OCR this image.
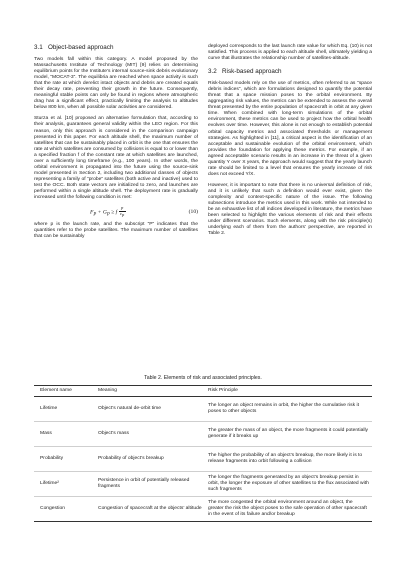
3.1 Object-based approach

Two models fall within this category. A model proposed by the Massachusetts Institute of Technology (MIT) [9] relies on determining equilibrium points for the Institute’s internal source-sink debris evolutionary model, “MOCAT-3”. The equilibria are reached when space activity is such that the rate at which derelict intact objects and debris are created equals their decay rate, preventing their growth in the future. Consequently, meaningful stable points can only be found in regions where atmospheric drag has a significant effect, practically limiting the analysis to altitudes below 800 km, when all possible solar activities are considered.

Sturza et al. [10] proposed an alternative formulation that, according to their analysis, guarantees general validity within the LEO region. For this reason, only this approach is considered in the comparison campaign presented in this paper. For each altitude shell, the maximum number of satellites that can be sustainably placed in orbit is the one that ensures the rate at which satellites are consumed by collisions is equal to or lower than a specified fraction f of the constant rate at which satellites are launched, over a sufficiently long timeframe (e.g., 100 years). In other words, the orbital environment is propagated into the future using the source-sink model presented in Section 2, including two additional classes of objects representing a family of “probe” satellites (both active and inactive) used to test the OCC. Both state vectors are initialized to zero, and launches are performed within a single altitude shell. The deployment rate is gradually increased until the following condition is met:

$F_P + G_P \ge f \frac{p}{\varepsilon_P}$	(10)

where p is the launch rate, and the subscript “P” indicates that the quantities refer to the probe satellites. The maximum number of satellites that can be sustainably

deployed corresponds to the last launch rate value for which Eq. (10) is not satisfied. This process is applied to each altitude shell, ultimately yielding a curve that illustrates the relationship number of satellites-altitude.

3.2 Risk-based approach

Risk-based models rely on the use of metrics, often referred to as “space debris indices”, which are formulations designed to quantify the potential threat that a space mission poses to the orbital environment. By aggregating risk values, the metrics can be extended to assess the overall threat presented by the entire population of spacecraft in orbit at any given time. When combined with long-term simulations of the orbital environment, these metrics can be used to project how the orbital health evolves over time. However, this alone is not enough to establish potential orbital capacity metrics and associated thresholds or management strategies. As highlighted in [11], a critical aspect is the identification of an acceptable and sustainable evolution of the orbital environment, which provides the foundation for applying these metrics. For example, if an agreed acceptable scenario results in an increase in the threat of a given quantity Y over X years, the approach would suggest that the yearly launch rate should be limited to a level that ensures the yearly increase of risk does not exceed Y/X.

However, it is important to note that there is no universal definition of risk, and it is unlikely that such a definition would ever exist, given the complexity and context-specific nature of the issue. The following subsections introduce the metrics used in this work. While not intended to be an exhaustive list of all indices developed in literature, the metrics have been selected to highlight the various elements of risk and their effects under different scenarios. Such elements, along with the risk principle(s) underlying each of them from the authors’ perspective, are reported in Table 2.

Table 2. Elements of risk and associated principles.
Element name	Meaning	Risk Principle
Lifetime	Object’s natural de-orbit time	The longer an object remains in orbit, the higher the cumulative risk it poses to other objects
Mass	Object’s mass	The greater the mass of an object, the more fragments it could potentially generate if it breaks up
Probability	Probability of object’s breakup	The higher the probability of an object’s breakup, the more likely it is to release fragments into orbit following a collision
Lifetime²	Persistence in orbit of potentially released fragments	The longer the fragments generated by an object’s breakup persist in orbit, the longer the exposure of other satellites to the flux associated with such fragments
Congestion	Congestion of spacecraft at the objects’ altitude	The more congested the orbital environment around an object, the greater the risk the object poses to the safe operation of other spacecraft in the event of its failure and/or breakup
